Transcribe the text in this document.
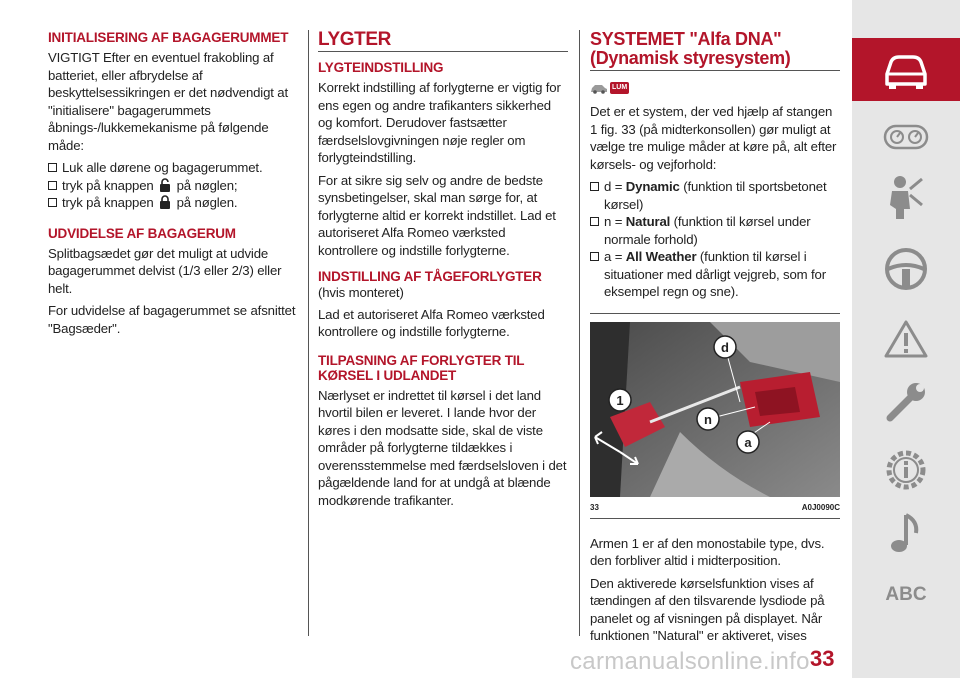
INITIALISERING AF BAGAGERUMMET

VIGTIGT Efter en eventuel frakobling af batteriet, eller afbrydelse af beskyttelsessikringen er det nødvendigt at "initialisere" bagagerummets åbnings-/lukkemekanisme på følgende måde:

Luk alle dørene og bagagerummet.
tryk på knappen på nøglen;
tryk på knappen på nøglen.
UDVIDELSE AF BAGAGERUM

Splitbagsædet gør det muligt at udvide bagagerummet delvist (1/3 eller 2/3) eller helt.

For udvidelse af bagagerummet se afsnittet "Bagsæder".

LYGTER
LYGTEINDSTILLING

Korrekt indstilling af forlygterne er vigtig for ens egen og andre trafikanters sikkerhed og komfort. Derudover fastsætter færdselslovgivningen nøje regler om forlygteindstilling.

For at sikre sig selv og andre de bedste synsbetingelser, skal man sørge for, at forlygterne altid er korrekt indstillet. Lad et autoriseret Alfa Romeo værksted kontrollere og indstille forlygterne.

INDSTILLING AF TÅGEFORLYGTER

(hvis monteret)

Lad et autoriseret Alfa Romeo værksted kontrollere og indstille forlygterne.

TILPASNING AF FORLYGTER TIL KØRSEL I UDLANDET

Nærlyset er indrettet til kørsel i det land hvortil bilen er leveret. I lande hvor der køres i den modsatte side, skal de viste områder på forlygterne tildækkes i overensstemmelse med færdselsloven i det pågældende land for at undgå at blænde modkørende trafikanter.

SYSTEMET "Alfa DNA"
(Dynamisk styresystem)
LUM

Det er et system, der ved hjælp af stangen 1 fig. 33 (på midterkonsollen) gør muligt at vælge tre mulige måder at køre på, alt efter kørsels- og vejforhold:

d = Dynamic (funktion til sportsbetonet kørsel)
n = Natural (funktion til kørsel under normale forhold)
a = All Weather (funktion til kørsel i situationer med dårligt vejgreb, som for eksempel regn og sne).
d
1
n
a
33	A0J0090C

Armen 1 er af den monostabile type, dvs. den forbliver altid i midterposition.

Den aktiverede kørselsfunktion vises af tændingen af den tilsvarende lysdiode på panelet og af visningen på displayet. Når funktionen "Natural" er aktiveret, vises

ABC
carmanualsonline.info 33
